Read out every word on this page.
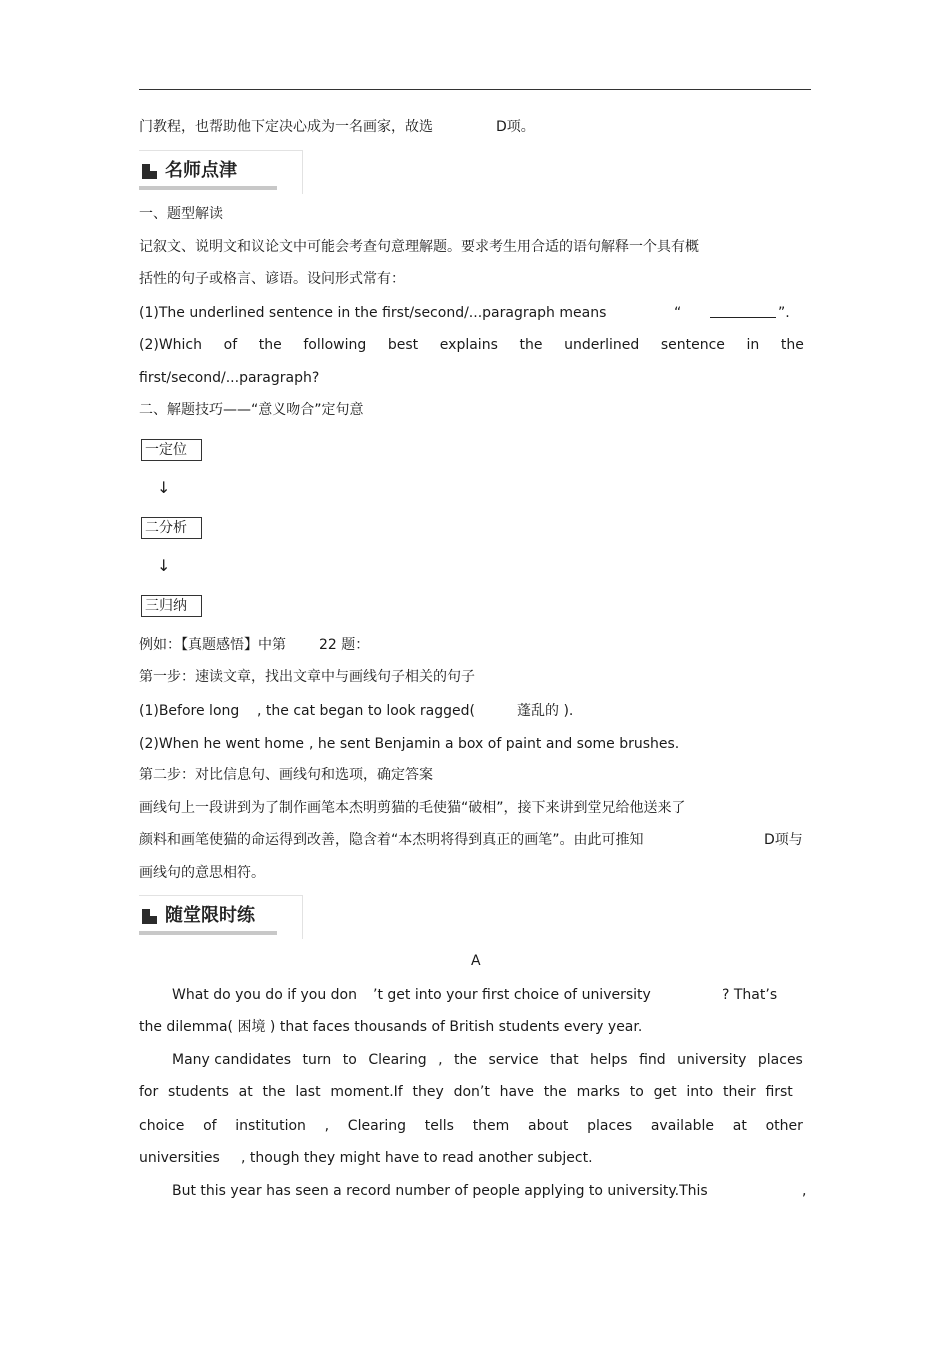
门教程，也帮助他下定决心成为一名画家，故选	D项。
名师点津
一、题型解读
记叙文、说明文和议论文中可能会考查句意理解题。要求考生用合适的语句解释一个具有概
括性的句子或格言、谚语。设问形式常有：
(1)The underlined sentence in the first/second/...paragraph means	“	”.
(2)Which of the following best explains the underlined sentence in the
first/second/...paragraph?
二、解题技巧——“意义吻合”定句意
一定位
↓
二分析
↓
三归纳
例如：【真题感悟】中第 22 题：
第一步：速读文章，找出文章中与画线句子相关的句子
(1)Before long , the cat began to look ragged(	蓬乱的 ).
(2)When he went home , he sent Benjamin a box of paint and some brushes.
第二步：对比信息句、画线句和选项，确定答案
画线句上一段讲到为了制作画笔本杰明剪猫的毛使猫“破相”，接下来讲到堂兄给他送来了
颜料和画笔使猫的命运得到改善，隐含着“本杰明将得到真正的画笔”。由此可推知	D项与
画线句的意思相符。
随堂限时练
A
What do you do if you don ’t get into your first choice of university	? That’s
the dilemma( 困境 ) that faces thousands of British students every year.
Many candidates turn to Clearing , the service that helps find university places
for students at the last moment.If they don’t have the marks to get into their first
choice of institution , Clearing tells them about places available at other
universities , though they might have to read another subject.
But this year has seen a record number of people applying to university.This	,
